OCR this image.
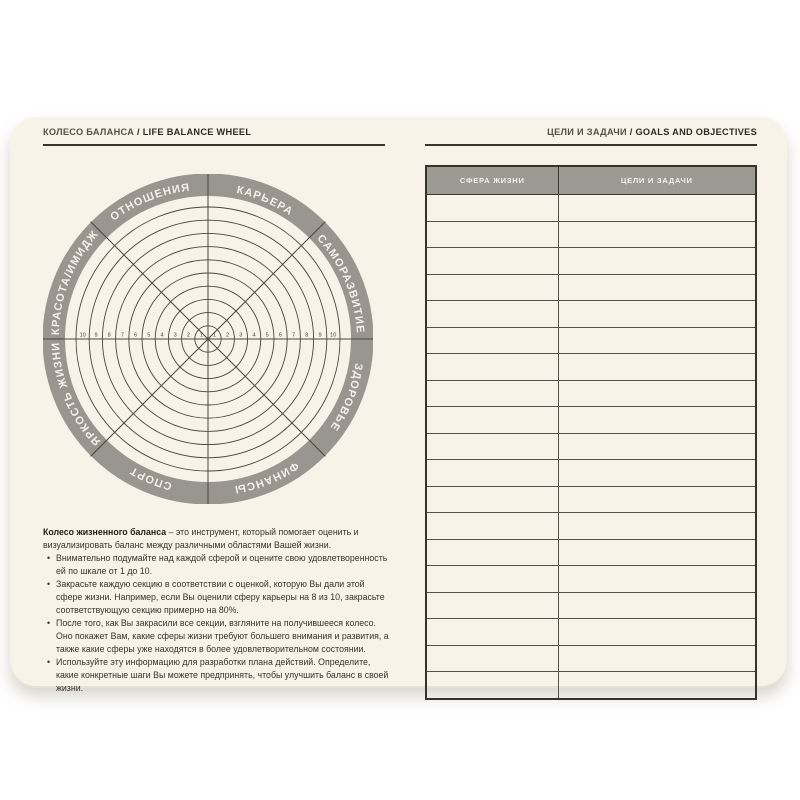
КОЛЕСО БАЛАНСА / LIFE BALANCE WHEEL	ЦЕЛИ И ЗАДАЧИ / GOALS AND OBJECTIVES
ОТНОШЕНИЯ	КАРЬЕРА
САМОРАЗВИТИЕ
ЗДОРОВЬЕ
ФИНАНСЫ
СПОРТ
ЯРКОСТЬ ЖИЗНИ
КРАСОТА/ИМИДЖ
1 1
2	2
3	3
4	4
5	5
6	6
7	7
8	8
9	9
10	10

Колесо жизненного баланса – это инструмент, который помогает оценить и визуализировать баланс между различными областями Вашей жизни.

• Внимательно подумайте над каждой сферой и оцените свою удовлетворенность ей по шкале от 1 до 10.
• Закрасьте каждую секцию в соответствии с оценкой, которую Вы дали этой сфере жизни. Например, если Вы оценили сферу карьеры на 8 из 10, закрасьте соответствующую секцию примерно на 80%.
• После того, как Вы закрасили все секции, взгляните на получившееся колесо. Оно покажет Вам, какие сферы жизни требуют большего внимания и развития, а также какие сферы уже находятся в более удовлетворительном состоянии.
• Используйте эту информацию для разработки плана действий. Определите, какие конкретные шаги Вы можете предпринять, чтобы улучшить баланс в своей жизни.
СФЕРА ЖИЗНИ	ЦЕЛИ И ЗАДАЧИ
